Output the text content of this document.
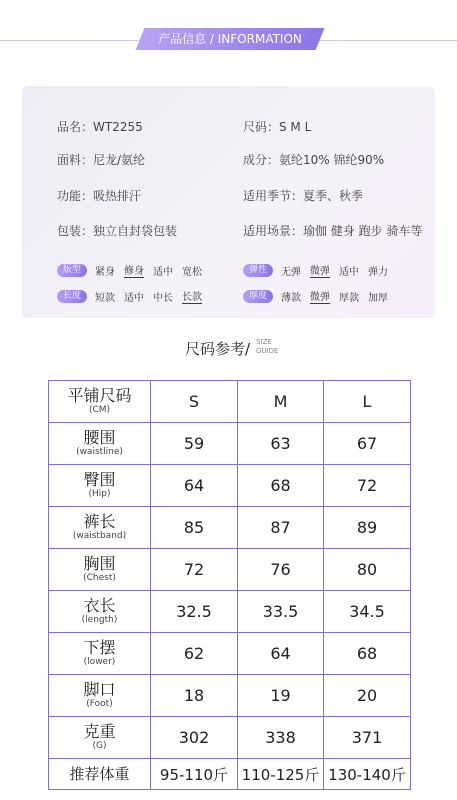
产品信息 / INFORMATION
品名：WT2255	尺码：S M L
面料：尼龙/氨纶	成分：氨纶10% 锦纶90%
功能：吸热排汗	适用季节：夏季、秋季
包装：独立自封袋包装	适用场景：瑜伽 健身 跑步 骑车等
版型	紧身 修身 适中 宽松	弹性	无弹 微弹 适中 弹力
长度	短款 适中 中长 长款	厚度	薄款 微弹 厚款 加厚
尺码参考/ SIZE
GUIDE
平铺尺码
(CM)	S	M	L

腰围
(waistline)	59	63	67

臀围
(Hip)	64	68	72

裤长
(waistband)	85	87	89

胸围
(Chest)	72	76	80

衣长
(length)	32.5	33.5	34.5

下摆
(lower)	62	64	68

脚口
(Foot)	18	19	20

克重
(G)	302	338	371

推荐体重	95-110斤	110-125斤	130-140斤
